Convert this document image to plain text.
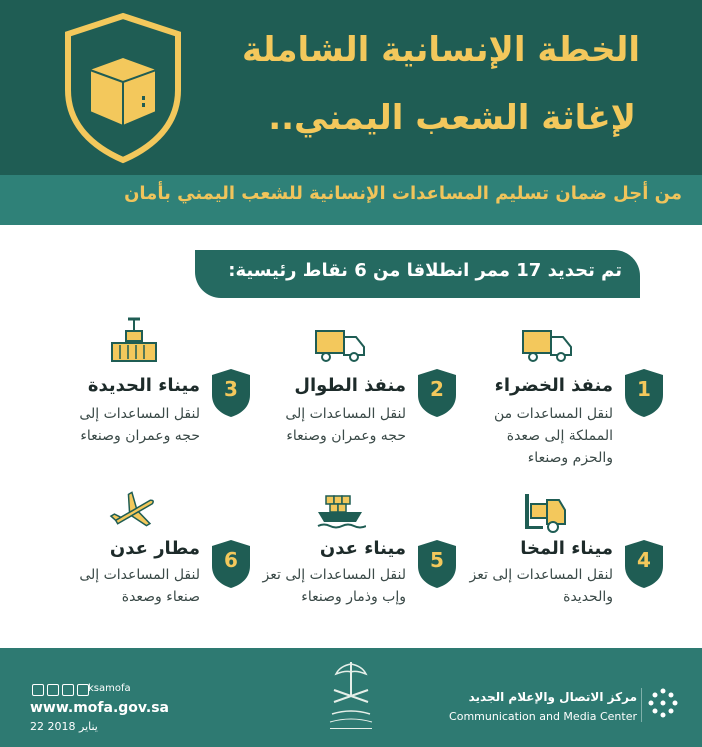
الخطة الإنسانية الشاملة
لإغاثة الشعب اليمني..
من أجل ضمان تسليم المساعدات الإنسانية للشعب اليمني بأمان
تم تحديد 17 ممر انطلاقا من 6 نقاط رئيسية:
1
منفذ الخضراء
لنقل المساعدات من المملكة إلى صعدة والحزم وصنعاء
2
منفذ الطوال
لنقل المساعدات إلى حجه وعمران وصنعاء
3
ميناء الحديدة
لنقل المساعدات إلى حجه وعمران وصنعاء
4
ميناء المخا
لنقل المساعدات إلى تعز والحديدة
5
ميناء عدن
لنقل المساعدات إلى تعز وإب وذمار وصنعاء
6
مطار عدن
لنقل المساعدات إلى صنعاء وصعدة
ksamofa
www.mofa.gov.sa
22 يناير 2018
مركز الاتصال والإعلام الجديد
Communication and Media Center
